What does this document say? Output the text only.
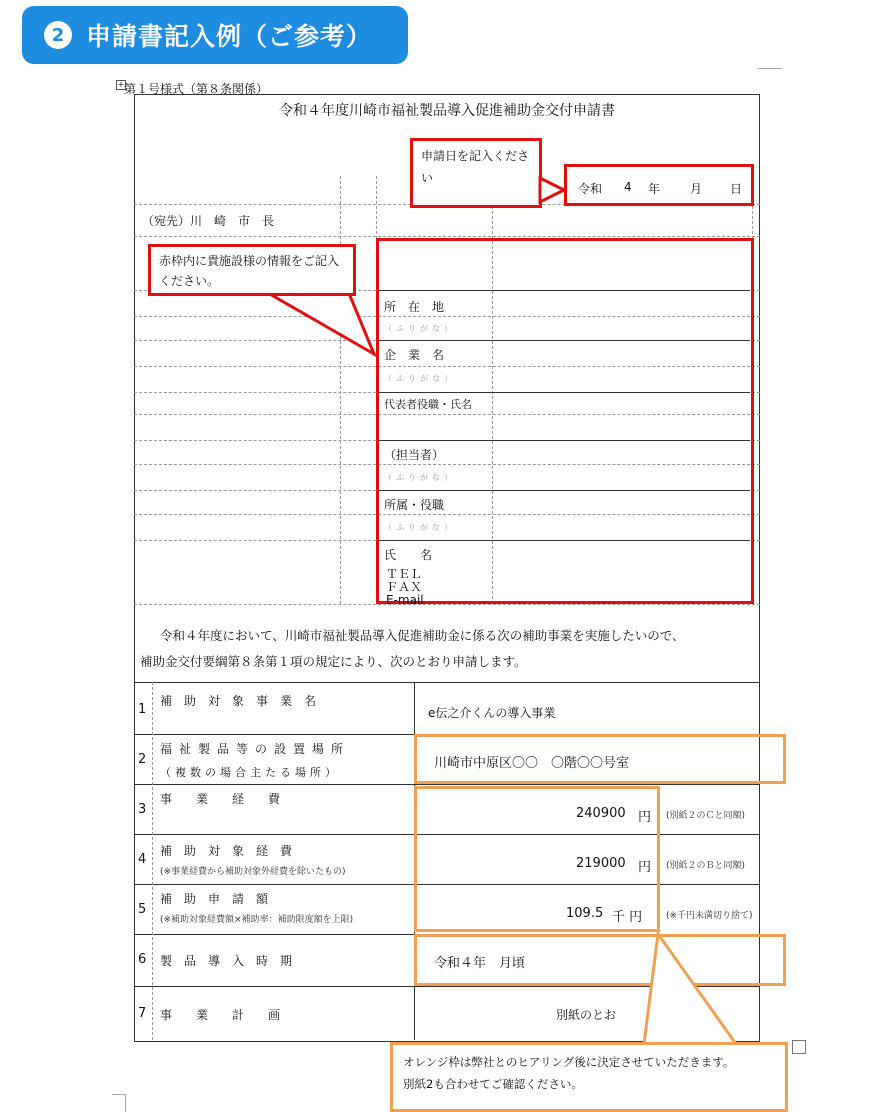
2 申請書記入例（ご参考）
+ 第１号様式（第８条関係）
令和４年度川崎市福祉製品導入促進補助金交付申請書
令和 4 年 月 日
申請日を記入ください
（宛先）川　崎　市　長
赤枠内に貴施設様の情報をご記入ください。
所　在　地
（ふりがな）
企　業　名
（ふりがな）
代表者役職・氏名
（担当者）
（ふりがな）
所属・役職
（ふりがな）
氏　　名
ＴＥＬ
ＦＡＸ
E-mail
令和４年度において、川崎市福祉製品導入促進補助金に係る次の補助事業を実施したいので、
補助金交付要綱第８条第１項の規定により、次のとおり申請します。
1
補　助　対　象　事　業　名
e伝之介くんの導入事業
2
福祉製品等の設置場所
（複数の場合主たる場所）
川崎市中原区〇〇　〇階〇〇号室
3
事　　業　　経　　費
240900 円 (別紙２のＣと同額)
4
補　助　対　象　経　費
(※事業経費から補助対象外経費を除いたもの)
219000 円 (別紙２のＢと同額)
5
補　助　申　請　額
(※補助対象経費額×補助率：補助限度額を上限)	109.5 千 円	(※千円未満切り捨て)
6 製　品　導　入　時　期	令和４年　月頃
7 事　　業　　計　　画	別紙のとお
オレンジ枠は弊社とのヒアリング後に決定させていただきます。
別紙2も合わせてご確認ください。
